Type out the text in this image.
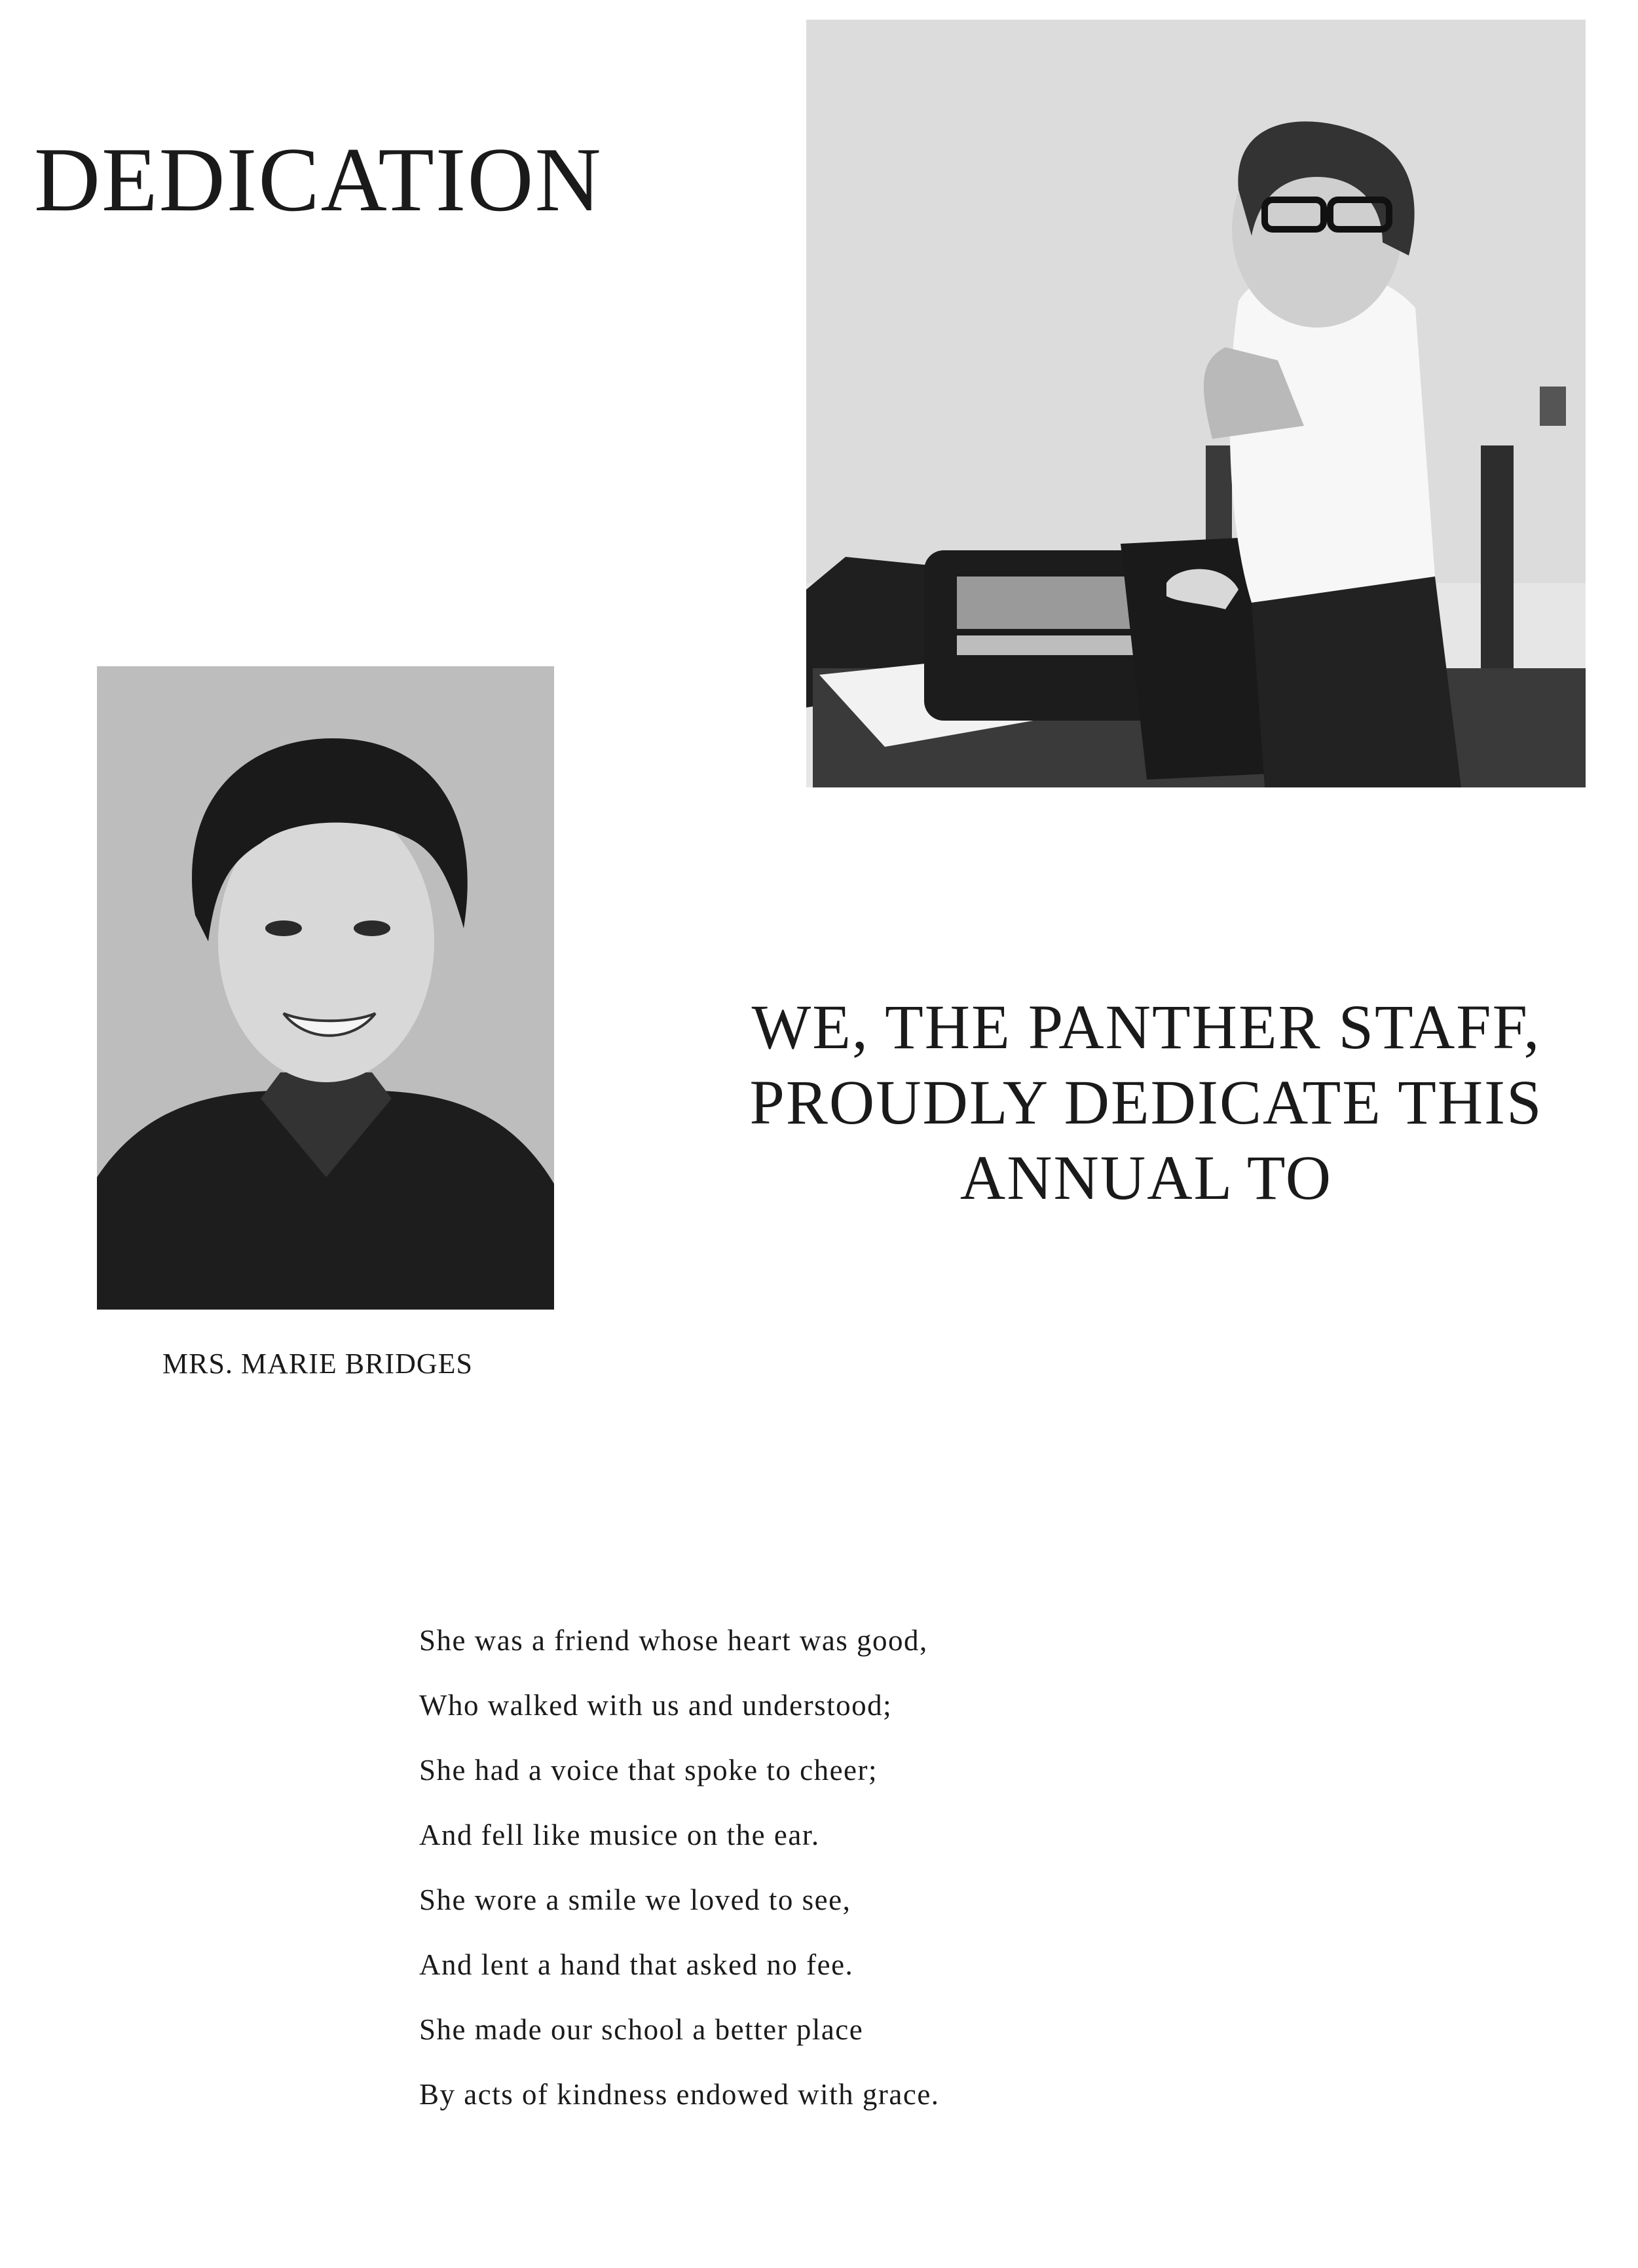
DEDICATION
MRS. MARIE BRIDGES
WE, THE PANTHER STAFF,
PROUDLY DEDICATE THIS
ANNUAL TO
She was a friend whose heart was good,
Who walked with us and understood;
She had a voice that spoke to cheer;
And fell like musice on the ear.
She wore a smile we loved to see,
And lent a hand that asked no fee.
She made our school a better place
By acts of kindness endowed with grace.
